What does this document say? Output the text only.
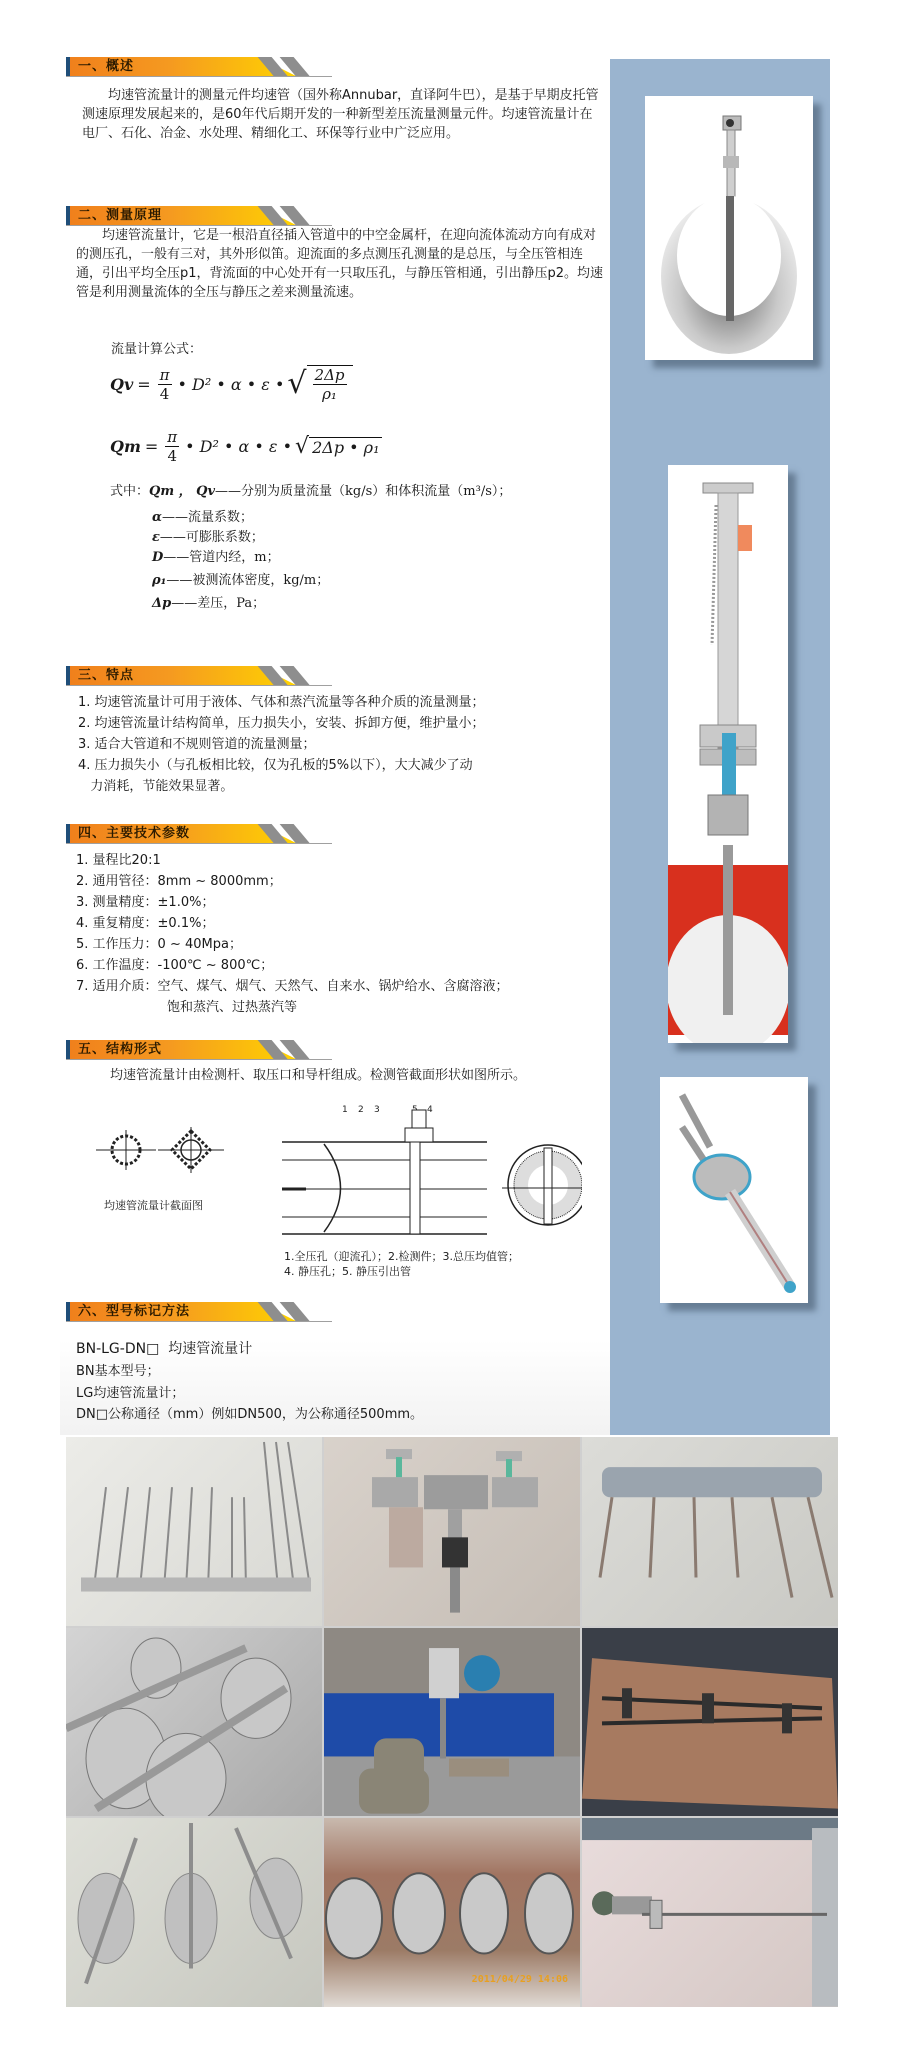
一、概述
均速管流量计的测量元件均速管（国外称Annubar，直译阿牛巴），是基于早期皮托管测速原理发展起来的，是60年代后期开发的一种新型差压流量测量元件。均速管流量计在电厂、石化、冶金、水处理、精细化工、环保等行业中广泛应用。
二、测量原理
均速管流量计，它是一根沿直径插入管道中的中空金属杆，在迎向流体流动方向有成对的测压孔，一般有三对，其外形似笛。迎流面的多点测压孔测量的是总压，与全压管相连通，引出平均全压p1，背流面的中心处开有一只取压孔，与静压管相通，引出静压p2。均速管是利用测量流体的全压与静压之差来测量流速。
流量计算公式：
$Qv = \frac{\pi}{4}$ • D² • α • ε • √ $\frac{2\Delta p}{\text{ρ₁}}$
$Qm = \frac{\pi}{4}$ • D² • α • ε • √ 2Δp • ρ₁
式中：Qm ， Qv——分别为质量流量（kg/s）和体积流量（m³/s）；
α——流量系数；
ε——可膨胀系数；
D——管道内经，m；
ρ₁——被测流体密度，kg/m；
Δp——差压，Pa；
三、特点
1. 均速管流量计可用于液体、气体和蒸汽流量等各种介质的流量测量；
2. 均速管流量计结构简单，压力损失小，安装、拆卸方便，维护量小；
3. 适合大管道和不规则管道的流量测量；
4. 压力损失小（与孔板相比较，仅为孔板的5%以下），大大减少了动
力消耗，节能效果显著。
四、主要技术参数
1. 量程比20:1
2. 通用管径：8mm ~ 8000mm；
3. 测量精度：±1.0%；
4. 重复精度：±0.1%；
5. 工作压力：0 ~ 40Mpa；
6. 工作温度：-100℃ ~ 800℃；
7. 适用介质：空气、煤气、烟气、天然气、自来水、锅炉给水、含腐溶液；
饱和蒸汽、过热蒸汽等
五、结构形式
均速管流量计由检测杆、取压口和导杆组成。检测管截面形状如图所示。
均速管流量计截面图
1 2 3	4
1.全压孔（迎流孔）；2.检测件；3.总压均值管；
4. 静压孔；5. 静压引出管
六、型号标记方法
BN-LG-DN□  均速管流量计
BN基本型号；
LG均速管流量计；
DN□公称通径（mm）例如DN500，为公称通径500mm。
2011/04/29 14:06
